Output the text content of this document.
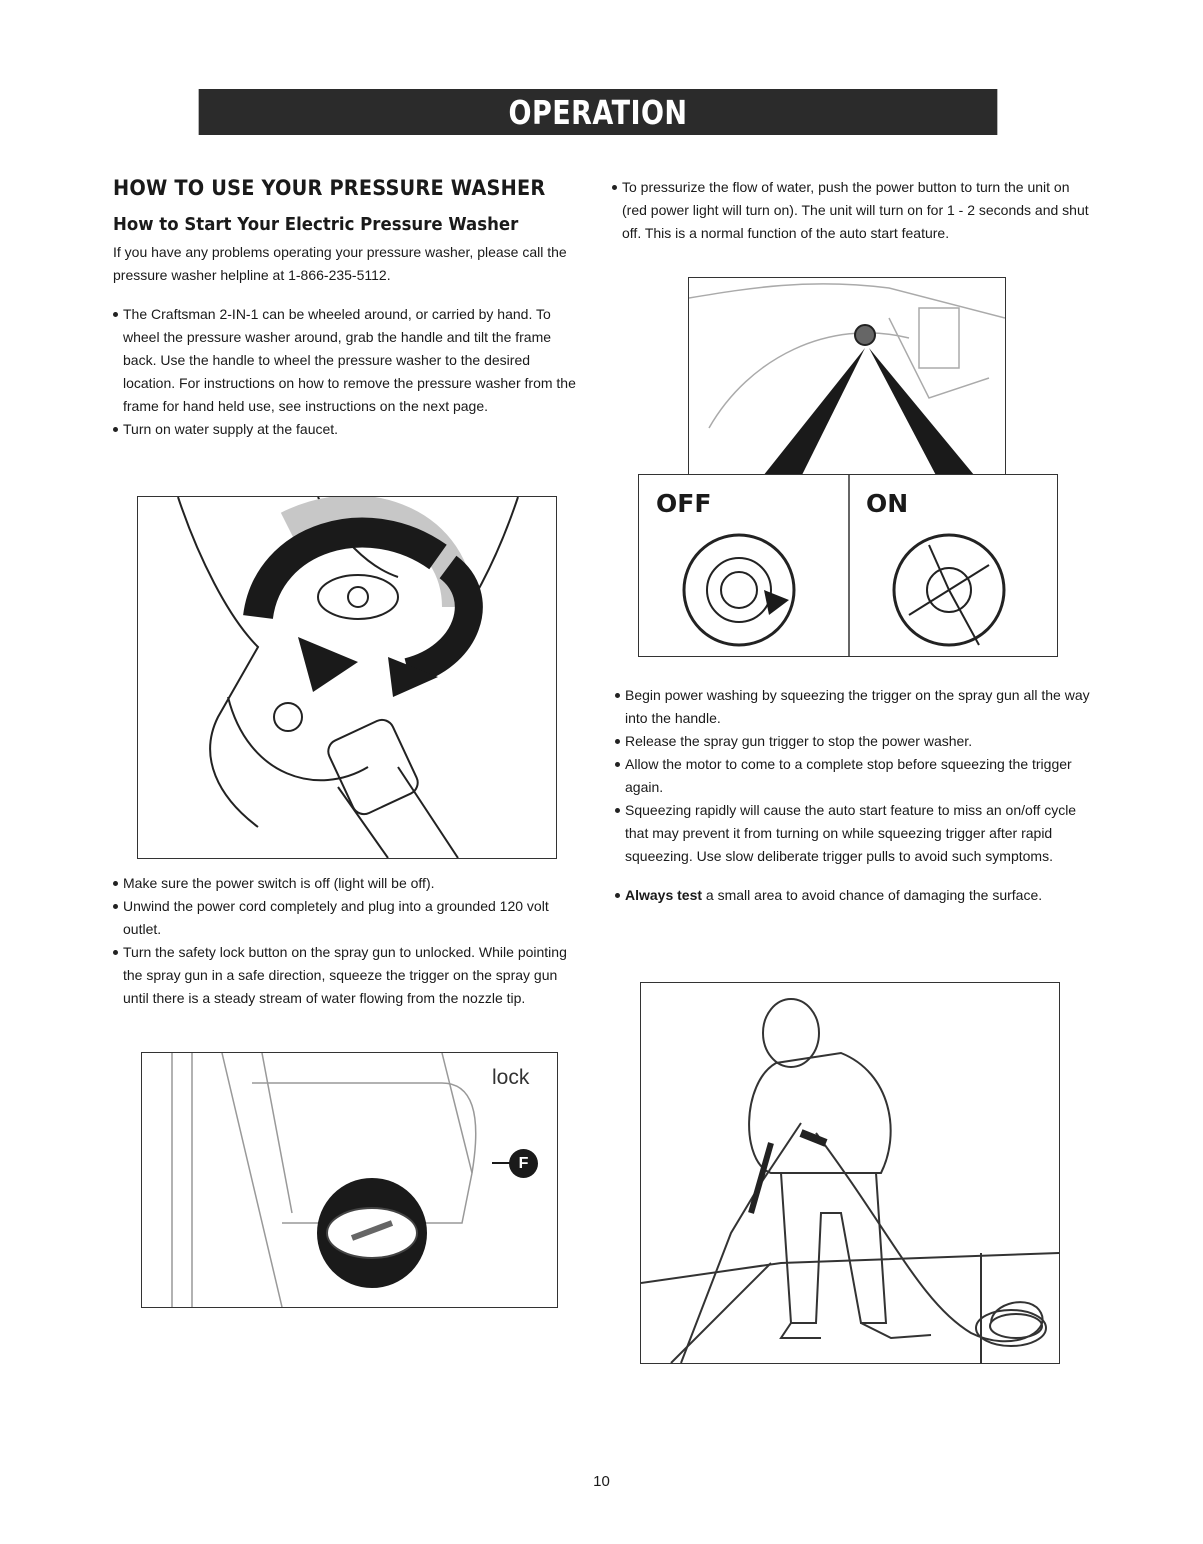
OPERATION
HOW TO USE YOUR PRESSURE WASHER
How to Start Your Electric Pressure Washer

If you have any problems operating your pressure washer, please call the pressure washer helpline at 1-866-235-5112.

The Craftsman 2-IN-1 can be wheeled around, or carried by hand. To wheel the pressure washer around, grab the handle and tilt the frame back. Use the handle to wheel the pressure washer to the desired location. For instructions on how to remove the pressure washer from the frame for hand held use, see instructions on the next page.
Turn on water supply at the faucet.
Make sure the power switch is off (light will be off).
Unwind the power cord completely and plug into a grounded 120 volt outlet.
Turn the safety lock button on the spray gun to unlocked. While pointing the spray gun in a safe direction, squeeze the trigger on the spray gun until there is a steady stream of water flowing from the nozzle tip.
lock
F
To pressurize the flow of water, push the power button to turn the unit on (red power light will turn on). The unit will turn on for 1 - 2 seconds and shut off. This is a normal function of the auto start feature.
OFF	ON
Begin power washing by squeezing the trigger on the spray gun all the way into the handle.
Release the spray gun trigger to stop the power washer.
Allow the motor to come to a complete stop before squeezing the trigger again.
Squeezing rapidly will cause the auto start feature to miss an on/off cycle that may prevent it from turning on while squeezing trigger after rapid squeezing. Use slow deliberate trigger pulls to avoid such symptoms.
Always test a small area to avoid chance of damaging the surface.
10
